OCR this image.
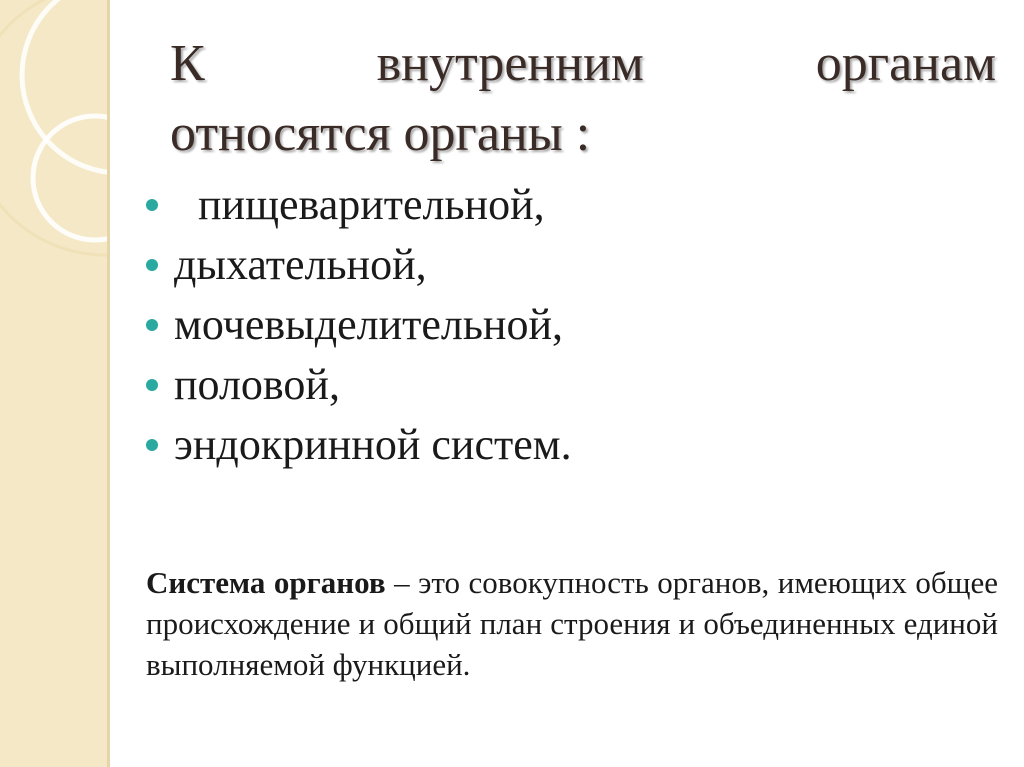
К	внутренним	органам
относятся органы :
пищеварительной,
дыхательной,
мочевыделительной,
половой,
эндокринной систем.

Система органов – это совокупность органов, имеющих общее происхождение и общий план строения и объединенных единой выполняемой функцией.
